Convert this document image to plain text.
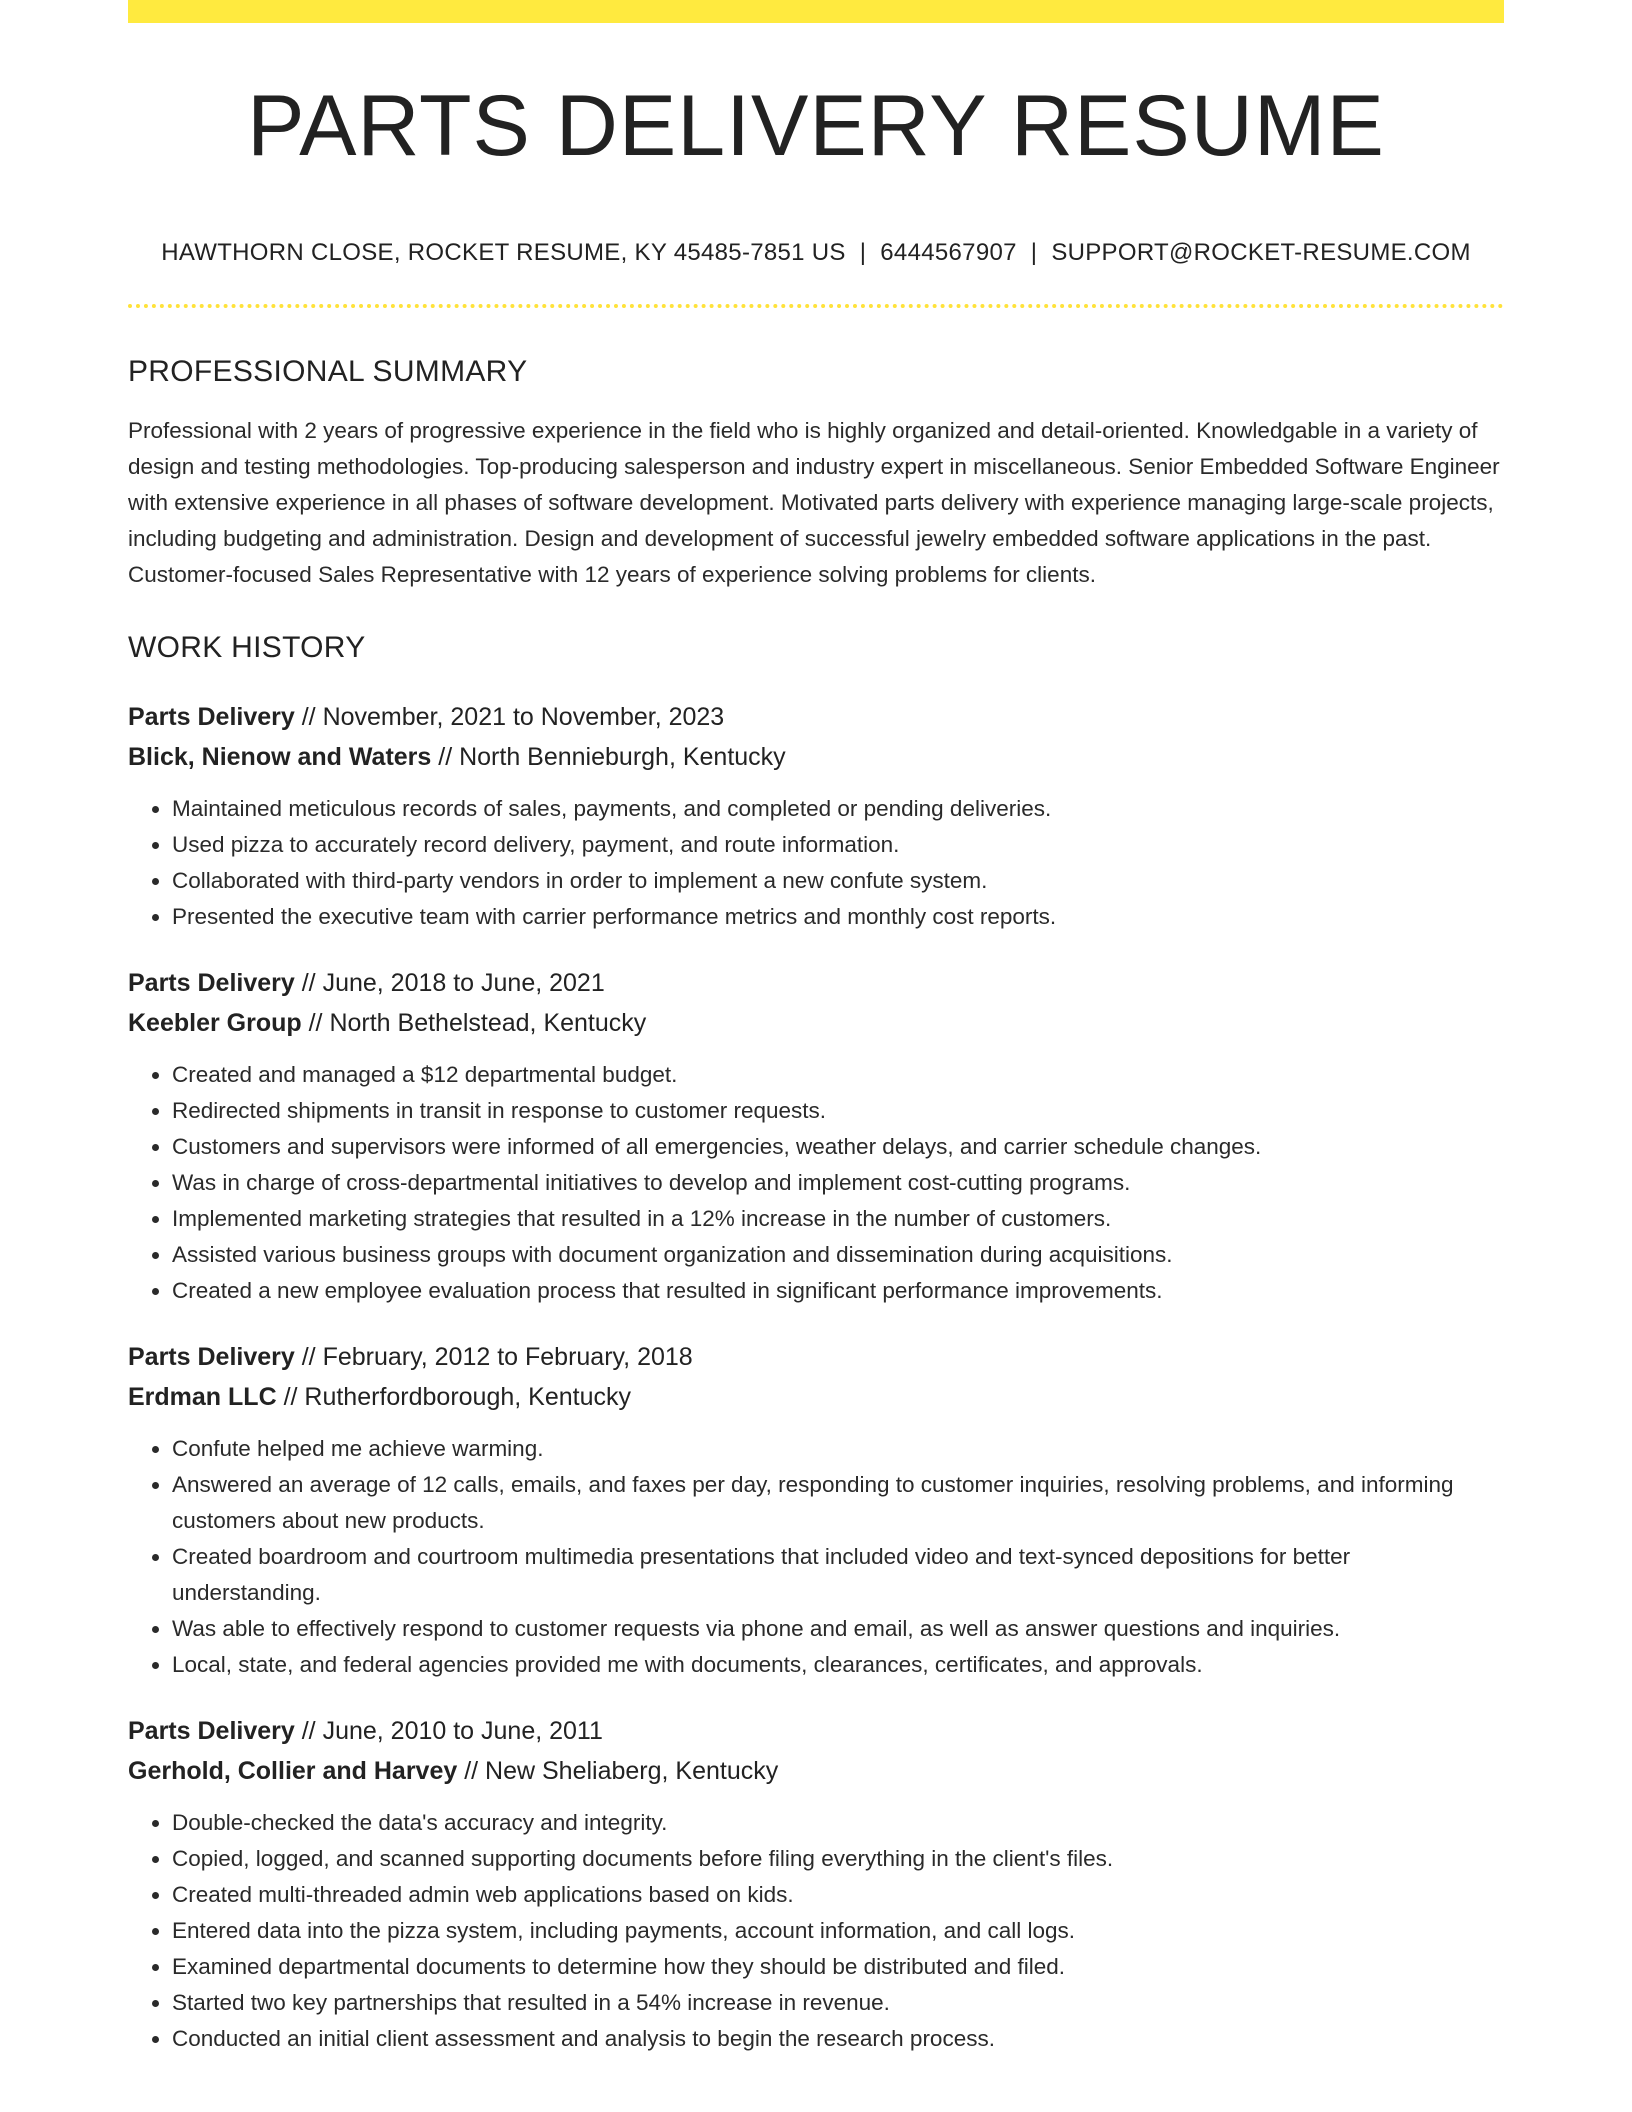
PARTS DELIVERY RESUME
HAWTHORN CLOSE, ROCKET RESUME, KY 45485-7851 US | 6444567907 | SUPPORT@ROCKET-RESUME.COM
PROFESSIONAL SUMMARY

Professional with 2 years of progressive experience in the field who is highly organized and detail-oriented. Knowledgable in a variety of design and testing methodologies. Top-producing salesperson and industry expert in miscellaneous. Senior Embedded Software Engineer with extensive experience in all phases of software development. Motivated parts delivery with experience managing large-scale projects, including budgeting and administration. Design and development of successful jewelry embedded software applications in the past. Customer-focused Sales Representative with 12 years of experience solving problems for clients.

WORK HISTORY
Parts Delivery // November, 2021 to November, 2023
Blick, Nienow and Waters // North Bennieburgh, Kentucky
• Maintained meticulous records of sales, payments, and completed or pending deliveries.
• Used pizza to accurately record delivery, payment, and route information.
• Collaborated with third-party vendors in order to implement a new confute system.
• Presented the executive team with carrier performance metrics and monthly cost reports.
Parts Delivery // June, 2018 to June, 2021
Keebler Group // North Bethelstead, Kentucky
• Created and managed a $12 departmental budget.
• Redirected shipments in transit in response to customer requests.
• Customers and supervisors were informed of all emergencies, weather delays, and carrier schedule changes.
• Was in charge of cross-departmental initiatives to develop and implement cost-cutting programs.
• Implemented marketing strategies that resulted in a 12% increase in the number of customers.
• Assisted various business groups with document organization and dissemination during acquisitions.
• Created a new employee evaluation process that resulted in significant performance improvements.
Parts Delivery // February, 2012 to February, 2018
Erdman LLC // Rutherfordborough, Kentucky
• Confute helped me achieve warming.
• Answered an average of 12 calls, emails, and faxes per day, responding to customer inquiries, resolving problems, and informing customers about new products.
• Created boardroom and courtroom multimedia presentations that included video and text-synced depositions for better understanding.
• Was able to effectively respond to customer requests via phone and email, as well as answer questions and inquiries.
• Local, state, and federal agencies provided me with documents, clearances, certificates, and approvals.
Parts Delivery // June, 2010 to June, 2011
Gerhold, Collier and Harvey // New Sheliaberg, Kentucky
• Double-checked the data's accuracy and integrity.
• Copied, logged, and scanned supporting documents before filing everything in the client's files.
• Created multi-threaded admin web applications based on kids.
• Entered data into the pizza system, including payments, account information, and call logs.
• Examined departmental documents to determine how they should be distributed and filed.
• Started two key partnerships that resulted in a 54% increase in revenue.
• Conducted an initial client assessment and analysis to begin the research process.
